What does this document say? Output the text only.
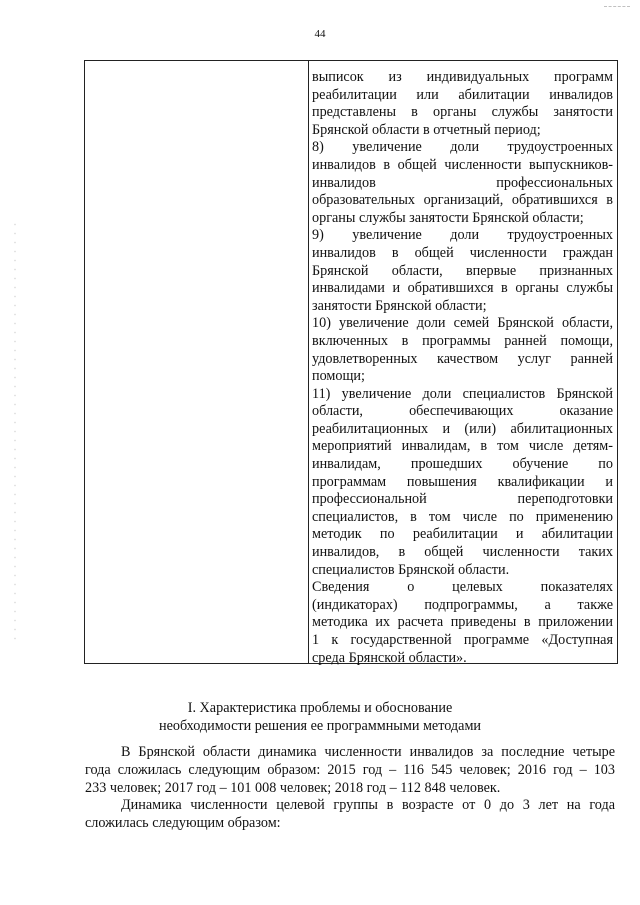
44
выписок из индивидуальных программ
реабилитации или абилитации инвалидов
представлены в органы службы занятости
Брянской области в отчетный период;
8) увеличение доли трудоустроенных
инвалидов в общей численности выпускников-
инвалидов профессиональных
образовательных организаций, обратившихся в
органы службы занятости Брянской области;
9) увеличение доли трудоустроенных
инвалидов в общей численности граждан
Брянской области, впервые признанных
инвалидами и обратившихся в органы службы
занятости Брянской области;
10) увеличение доли семей Брянской области,
включенных в программы ранней помощи,
удовлетворенных качеством услуг ранней
помощи;
11) увеличение доли специалистов Брянской
области, обеспечивающих оказание
реабилитационных и (или) абилитационных
мероприятий инвалидам, в том числе детям-
инвалидам, прошедших обучение по
программам повышения квалификации и
профессиональной переподготовки
специалистов, в том числе по применению
методик по реабилитации и абилитации
инвалидов, в общей численности таких
специалистов Брянской области.
Сведения о целевых показателях
(индикаторах) подпрограммы, а также
методика их расчета приведены в приложении
1 к государственной программе «Доступная
среда Брянской области».
I. Характеристика проблемы и обоснование
необходимости решения ее программными методами
В Брянской области динамика численности инвалидов за последние четыре
года сложилась следующим образом: 2015 год – 116 545 человек; 2016 год – 103
233 человек; 2017 год – 101 008 человек; 2018 год – 112 848 человек.
Динамика численности целевой группы в возрасте от 0 до 3 лет на года
сложилась следующим образом:
